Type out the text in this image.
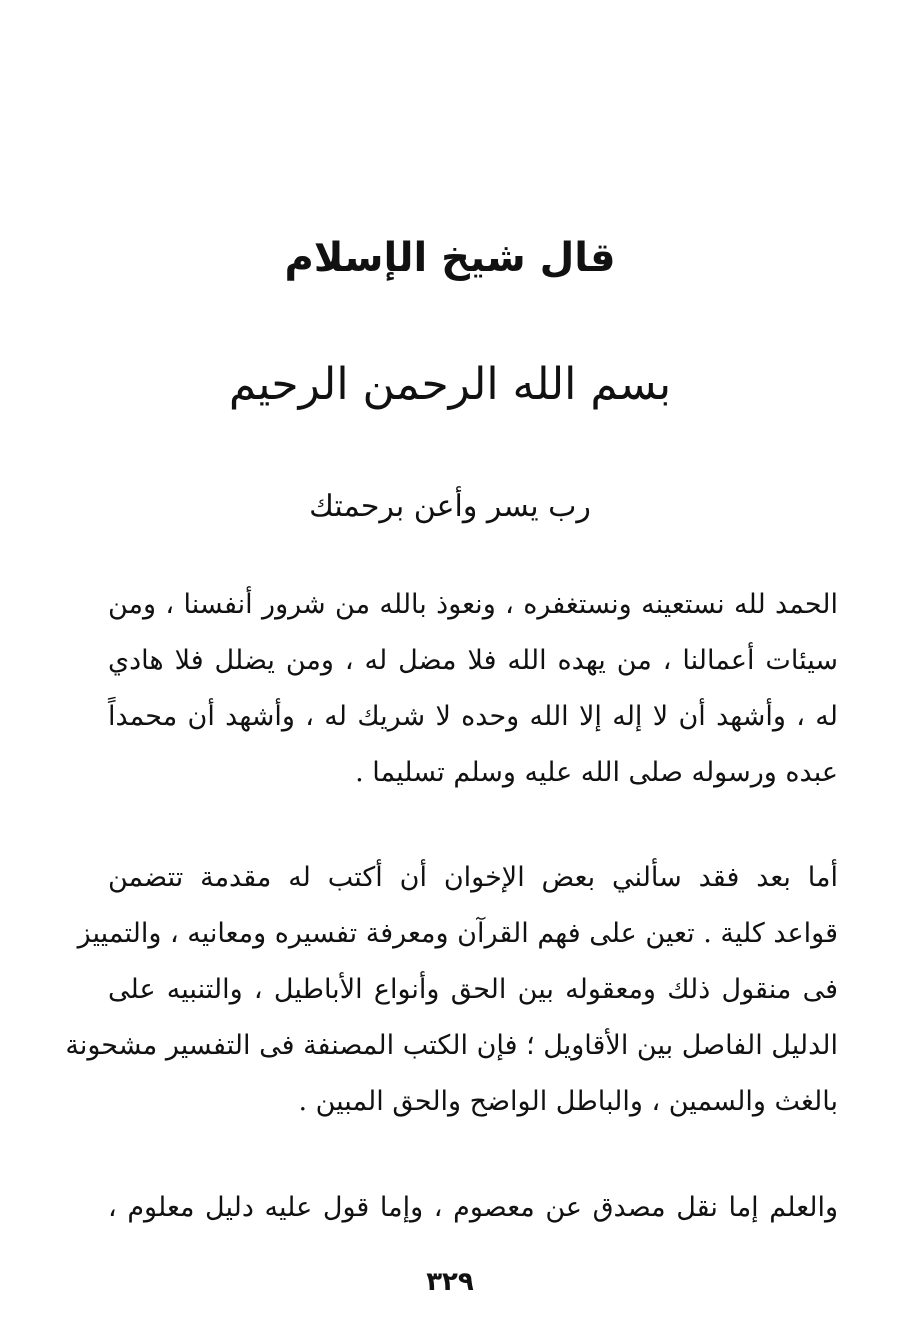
قال شيخ الإسلام
بسم الله الرحمن الرحيم
رب يسر وأعن برحمتك
الحمد لله نستعينه ونستغفره ، ونعوذ بالله من شرور أنفسنا ، ومن
سيئات أعمالنا ، من يهده الله فلا مضل له ، ومن يضلل فلا هادي
له ، وأشهد أن لا إله إلا الله وحده لا شريك له ، وأشهد أن محمداً
عبده ورسوله صلى الله عليه وسلم تسليما .
أما بعد فقد سألني بعض الإخوان أن أكتب له مقدمة تتضمن
قواعد كلية . تعين على فهم القرآن ومعرفة تفسيره ومعانيه ، والتمييز
فى منقول ذلك ومعقوله بين الحق وأنواع الأباطيل ، والتنبيه على
الدليل الفاصل بين الأقاويل ؛ فإن الكتب المصنفة فى التفسير مشحونة
بالغث والسمين ، والباطل الواضح والحق المبين .
والعلم إما نقل مصدق عن معصوم ، وإما قول عليه دليل معلوم ،
٣٢٩
